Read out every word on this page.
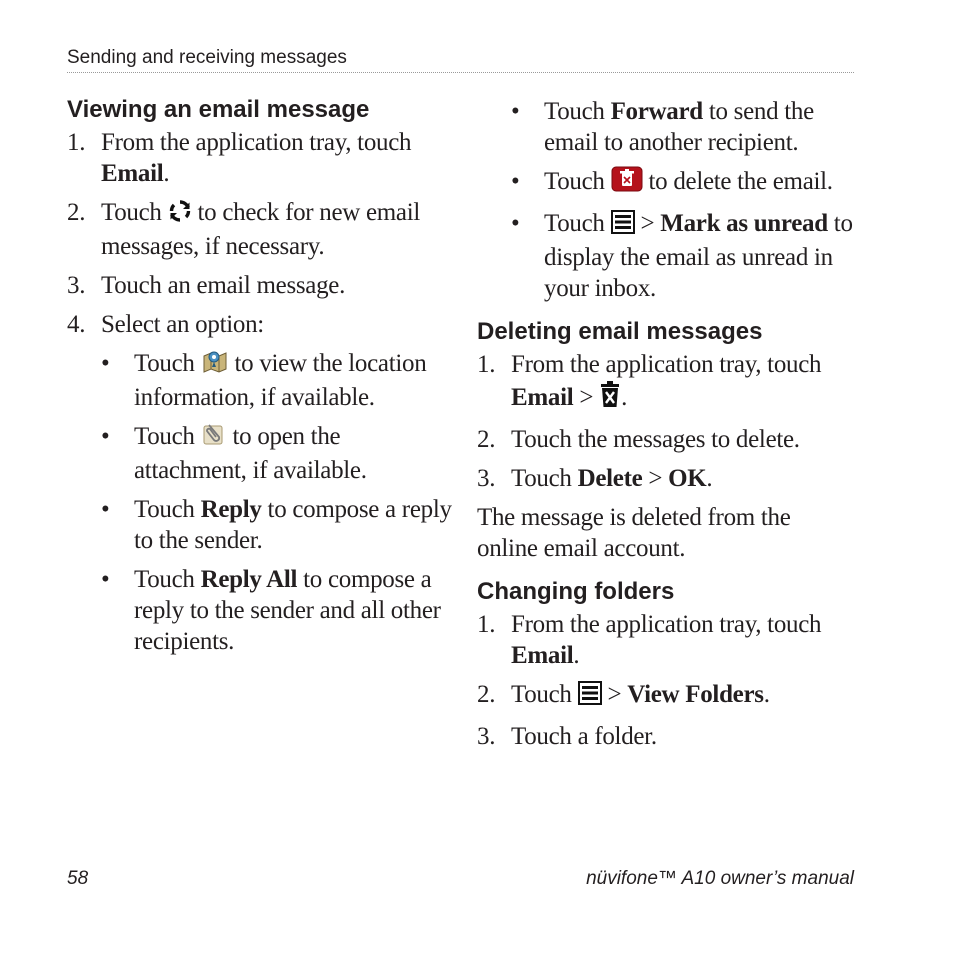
Sending and receiving messages
Viewing an email message
1. From the application tray, touch Email.
2. Touch  to check for new email messages, if necessary.
3. Touch an email message.
4. Select an option:
• Touch  to view the location information, if available.
• Touch  to open the attachment, if available.
• Touch Reply to compose a reply to the sender.
• Touch Reply All to compose a reply to the sender and all other recipients.
• Touch Forward to send the email to another recipient.
• Touch  to delete the email.
• Touch  > Mark as unread to display the email as unread in your inbox.
Deleting email messages
1. From the application tray, touch Email > .
2. Touch the messages to delete.
3. Touch Delete > OK.

The message is deleted from the online email account.

Changing folders
1. From the application tray, touch Email.
2. Touch  > View Folders.
3. Touch a folder.
58	nüvifone™ A10 owner’s manual
